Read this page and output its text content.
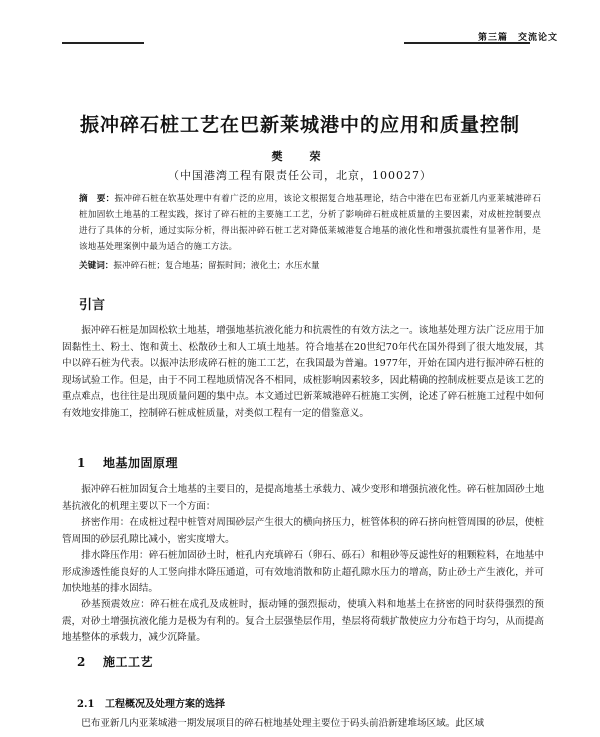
第三篇　交流论文
振冲碎石桩工艺在巴新莱城港中的应用和质量控制
樊　荣
（中国港湾工程有限责任公司，北京，100027）
摘　要：振冲碎石桩在软基处理中有着广泛的应用，该论文根据复合地基理论，结合中港在巴布亚新几内亚莱城港碎石桩加固软土地基的工程实践，探讨了碎石桩的主要施工工艺，分析了影响碎石桩成桩质量的主要因素，对成桩控制要点进行了具体的分析，通过实际分析，得出振冲碎石桩工艺对降低莱城港复合地基的液化性和增强抗震性有显著作用，是该地基处理案例中最为适合的施工方法。
关键词：振冲碎石桩；复合地基；留振时间；液化土；水压水量
引言
振冲碎石桩是加固松软土地基，增强地基抗液化能力和抗震性的有效方法之一。该地基处理方法广泛应用于加固黏性土、粉土、饱和黄土、松散砂土和人工填土地基。符合地基在20世纪70年代在国外得到了很大地发展，其中以碎石桩为代表。以振冲法形成碎石桩的施工工艺，在我国最为普遍。1977年，开始在国内进行振冲碎石桩的现场试验工作。但是，由于不同工程地质情况各不相同，成桩影响因素较多，因此精确的控制成桩要点是该工艺的重点难点，也往往是出现质量问题的集中点。本文通过巴新莱城港碎石桩施工实例，论述了碎石桩施工过程中如何有效地安排施工，控制碎石桩成桩质量，对类似工程有一定的借鉴意义。
1 地基加固原理
振冲碎石桩加固复合土地基的主要目的，是提高地基土承载力、减少变形和增强抗液化性。碎石桩加固砂土地基抗液化的机理主要以下一个方面：
挤密作用：在成桩过程中桩管对周围砂层产生很大的横向挤压力，桩管体积的碎石挤向桩管周围的砂层，使桩管周围的砂层孔隙比减小，密实度增大。
排水降压作用：碎石桩加固砂土时，桩孔内充填碎石（卵石、砾石）和粗砂等反滤性好的粗颗粒料，在地基中形成渗透性能良好的人工竖向排水降压通道，可有效地消散和防止超孔隙水压力的增高，防止砂土产生液化，并可加快地基的排水固结。
砂基预震效应：碎石桩在成孔及成桩时，振动锤的强烈振动，使填入料和地基土在挤密的同时获得强烈的预震，对砂土增强抗液化能力是极为有利的。复合土层强垫层作用，垫层将荷载扩散使应力分布趋于均匀，从而提高地基整体的承载力，减少沉降量。
2 施工工艺
2.1 工程概况及处理方案的选择
巴布亚新几内亚莱城港一期发展项目的碎石桩地基处理主要位于码头前沿新建堆场区域。此区域
